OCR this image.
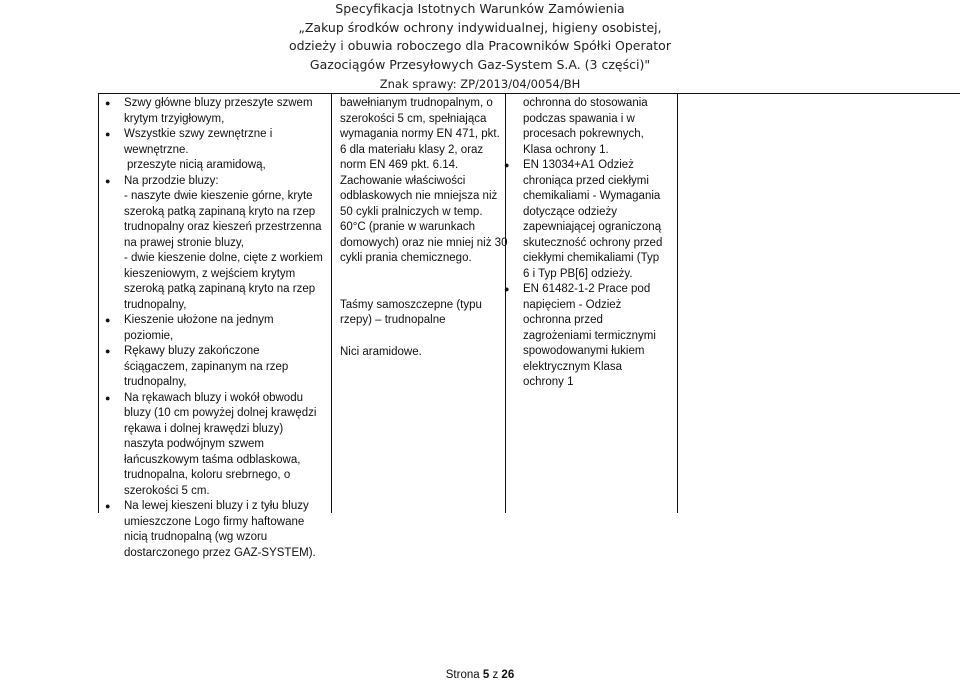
Specyfikacja Istotnych Warunków Zamówienia
„Zakup środków ochrony indywidualnej, higieny osobistej,
odzieży i obuwia roboczego dla Pracowników Spółki Operator
Gazociągów Przesyłowych Gaz-System S.A. (3 części)"
Znak sprawy: ZP/2013/04/0054/BH
● Szwy główne bluzy przeszyte szwem krytym trzyigłowym,
● Wszystkie szwy zewnętrzne i wewnętrzne.
przeszyte nicią aramidową,
● Na przodzie bluzy:
- naszyte dwie kieszenie górne, kryte szeroką patką zapinaną kryto na rzep trudnopalny oraz kieszeń przestrzenna na prawej stronie bluzy,
- dwie kieszenie dolne, cięte z workiem kieszeniowym, z wejściem krytym szeroką patką zapinaną kryto na rzep trudnopalny,
● Kieszenie ułożone na jednym poziomie,
● Rękawy bluzy zakończone ściągaczem, zapinanym na rzep trudnopalny,
● Na rękawach bluzy i wokół obwodu bluzy (10 cm powyżej dolnej krawędzi rękawa i dolnej krawędzi bluzy) naszyta podwójnym szwem łańcuszkowym taśma odblaskowa, trudnopalna, koloru srebrnego, o szerokości 5 cm.
● Na lewej kieszeni bluzy i z tyłu bluzy umieszczone Logo firmy haftowane nicią trudnopalną (wg wzoru dostarczonego przez GAZ-SYSTEM).

bawełnianym trudnopalnym, o szerokości 5 cm, spełniająca wymagania normy EN 471, pkt. 6 dla materiału klasy 2, oraz norm EN 469 pkt. 6.14.

Zachowanie właściwości odblaskowych nie mniejsza niż 50 cykli pralniczych w temp. 60°C (pranie w warunkach domowych) oraz nie mniej niż 30 cykli prania chemicznego.

Taśmy samoszczepne (typu rzepy) – trudnopalne

Nici aramidowe.

ochronna do stosowania podczas spawania i w procesach pokrewnych, Klasa ochrony 1.

● EN 13034+A1 Odzież chroniąca przed ciekłymi chemikaliami - Wymagania dotyczące odzieży zapewniającej ograniczoną skuteczność ochrony przed ciekłymi chemikaliami (Typ 6 i Typ PB[6] odzieży.
● EN 61482-1-2 Prace pod napięciem - Odzież ochronna przed zagrożeniami termicznymi spowodowanymi łukiem elektrycznym Klasa ochrony 1
Strona 5 z 26
